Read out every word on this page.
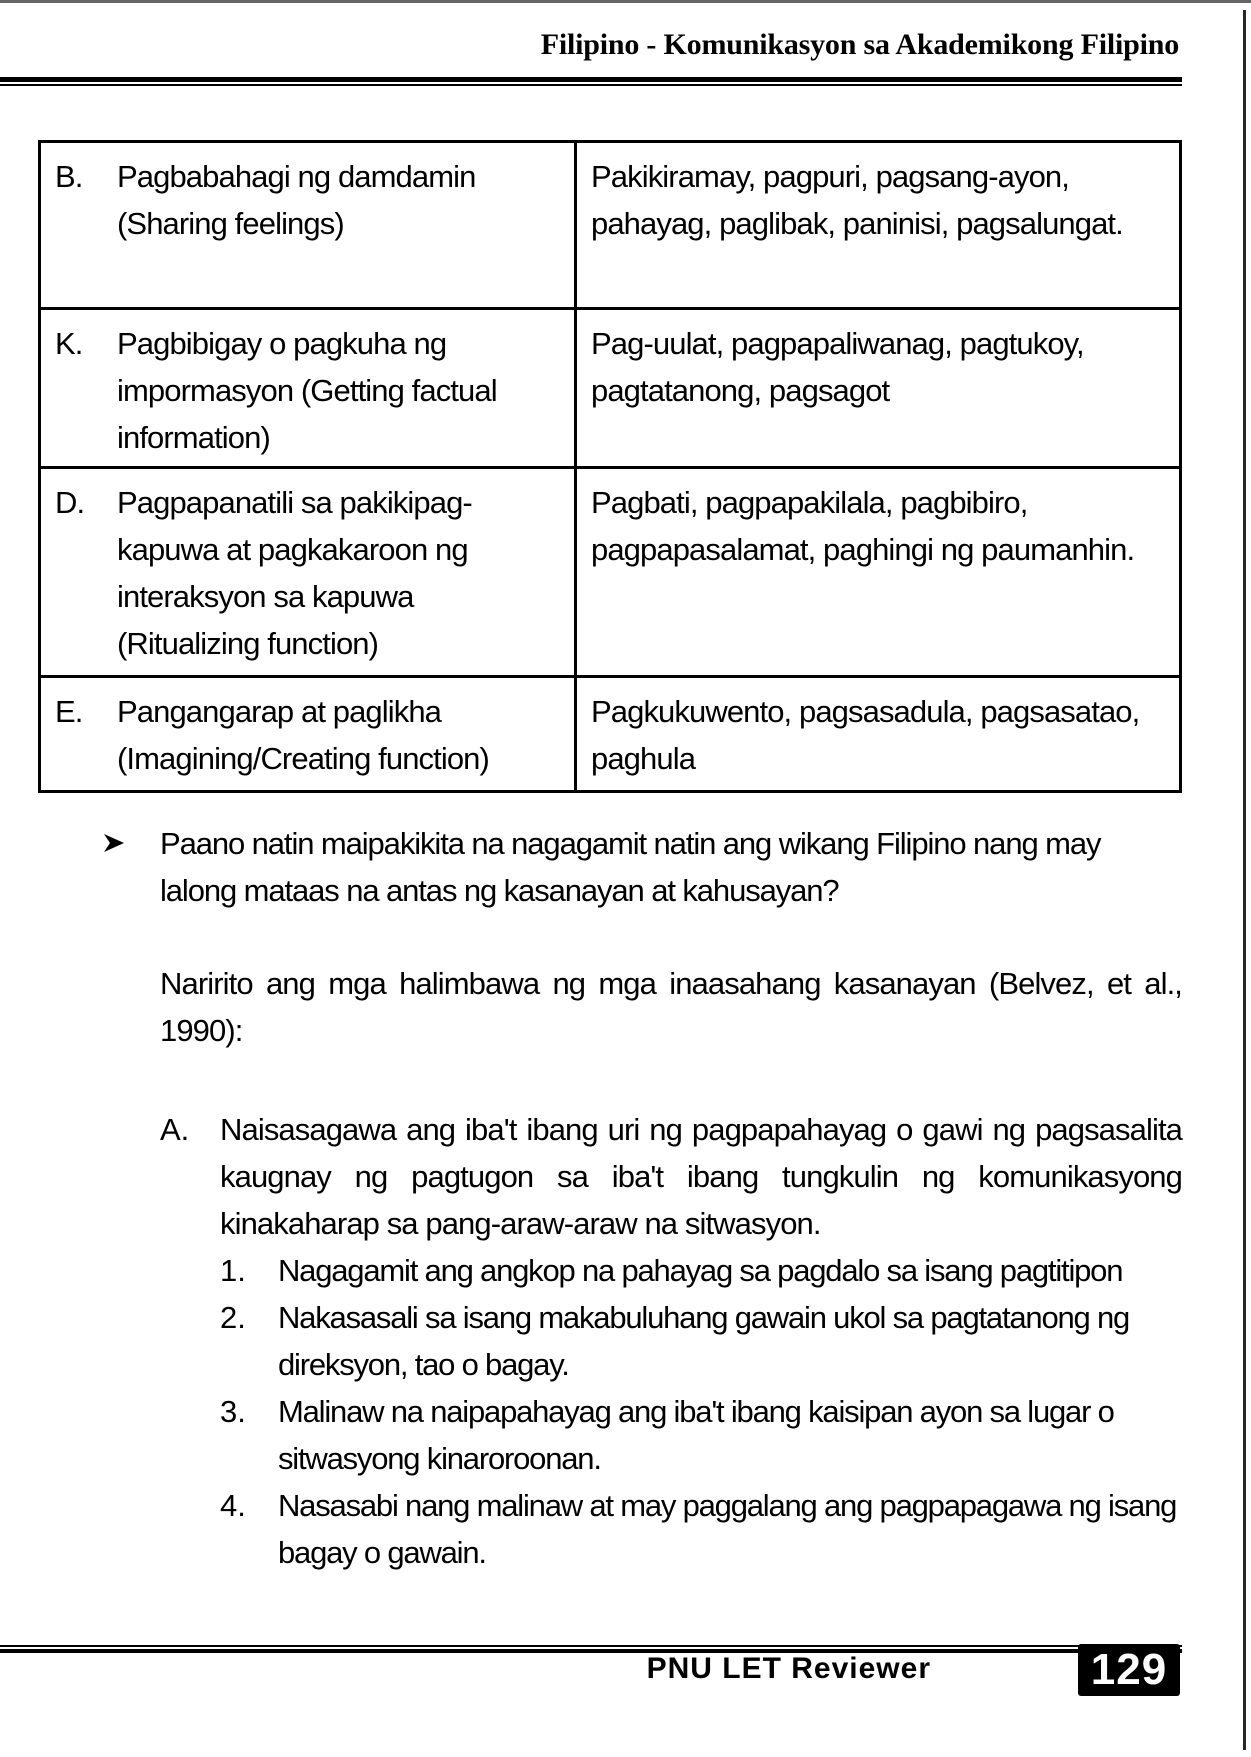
Filipino - Komunikasyon sa Akademikong Filipino
B. Pagbabahagi ng damdamin (Sharing feelings)	Pakikiramay, pagpuri, pagsang-ayon, pahayag, paglibak, paninisi, pagsalungat.

K. Pagbibigay o pagkuha ng impormasyon (Getting factual information)	Pag-uulat, pagpapaliwanag, pagtukoy, pagtatanong, pagsagot

D. Pagpapanatili sa pakikipag-kapuwa at pagkakaroon ng interaksyon sa kapuwa (Ritualizing function)	Pagbati, pagpapakilala, pagbibiro, pagpapasalamat, paghingi ng paumanhin.

E. Pangangarap at paglikha (Imagining/Creating function)	Pagkukuwento, pagsasadula, pagsasatao, paghula
Paano natin maipakikita na nagagamit natin ang wikang Filipino nang may lalong mataas na antas ng kasanayan at kahusayan?
Naririto ang mga halimbawa ng mga inaasahang kasanayan (Belvez, et al., 1990):
A. Naisasagawa ang iba't ibang uri ng pagpapahayag o gawi ng pagsasalita kaugnay ng pagtugon sa iba't ibang tungkulin ng komunikasyong kinakaharap sa pang-araw-araw na sitwasyon.
1.	Nagagamit ang angkop na pahayag sa pagdalo sa isang pagtitipon
2.	Nakasasali sa isang makabuluhang gawain ukol sa pagtatanong ng direksyon, tao o bagay.
3.	Malinaw na naipapahayag ang iba't ibang kaisipan ayon sa lugar o sitwasyong kinaroroonan.
4.	Nasasabi nang malinaw at may paggalang ang pagpapagawa ng isang bagay o gawain.
PNU LET Reviewer	129
